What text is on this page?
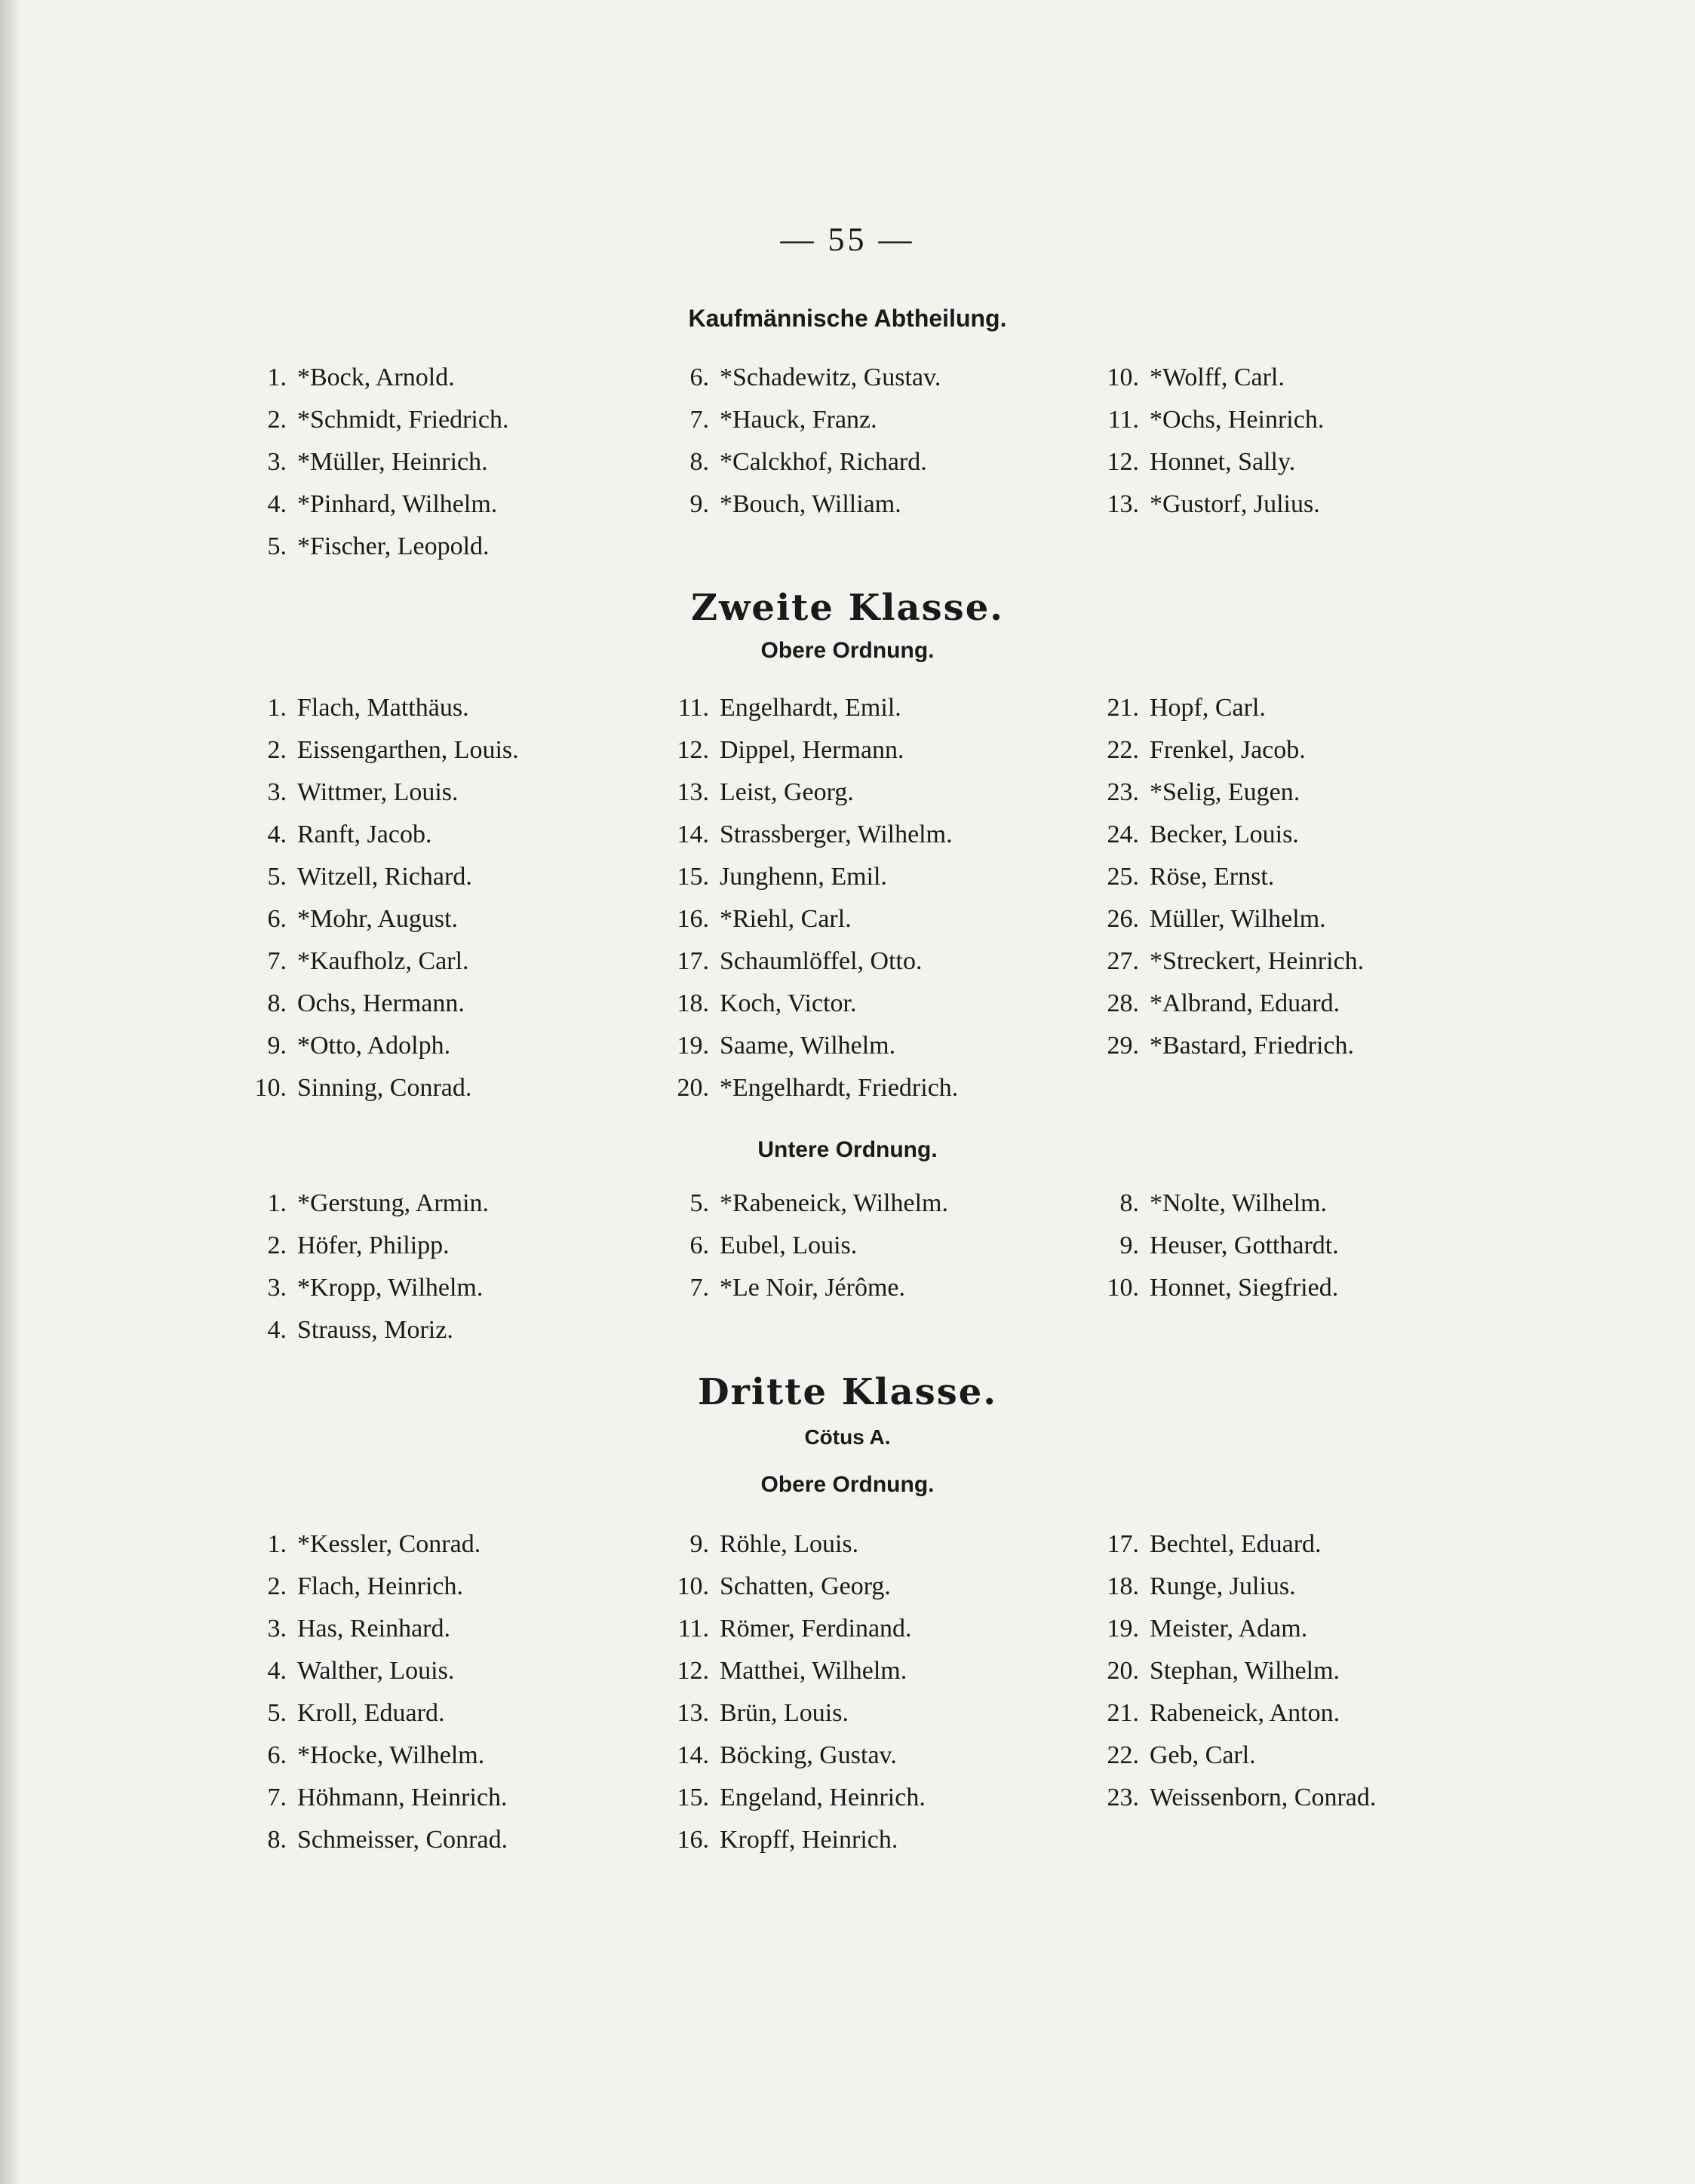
— 55 —
Kaufmännische Abtheilung.
1. *Bock, Arnold.
2. *Schmidt, Friedrich.
3. *Müller, Heinrich.
4. *Pinhard, Wilhelm.
5. *Fischer, Leopold.
6. *Schadewitz, Gustav.
7. *Hauck, Franz.
8. *Calckhof, Richard.
9. *Bouch, William.
10. *Wolff, Carl.
11. *Ochs, Heinrich.
12. Honnet, Sally.
13. *Gustorf, Julius.
Zweite Klasse.
Obere Ordnung.
1. Flach, Matthäus.
2. Eissengarthen, Louis.
3. Wittmer, Louis.
4. Ranft, Jacob.
5. Witzell, Richard.
6. *Mohr, August.
7. *Kaufholz, Carl.
8. Ochs, Hermann.
9. *Otto, Adolph.
10. Sinning, Conrad.
11. Engelhardt, Emil.
12. Dippel, Hermann.
13. Leist, Georg.
14. Strassberger, Wilhelm.
15. Junghenn, Emil.
16. *Riehl, Carl.
17. Schaumlöffel, Otto.
18. Koch, Victor.
19. Saame, Wilhelm.
20. *Engelhardt, Friedrich.
21. Hopf, Carl.
22. Frenkel, Jacob.
23. *Selig, Eugen.
24. Becker, Louis.
25. Röse, Ernst.
26. Müller, Wilhelm.
27. *Streckert, Heinrich.
28. *Albrand, Eduard.
29. *Bastard, Friedrich.
Untere Ordnung.
1. *Gerstung, Armin.
2. Höfer, Philipp.
3. *Kropp, Wilhelm.
4. Strauss, Moriz.
5. *Rabeneick, Wilhelm.
6. Eubel, Louis.
7. *Le Noir, Jérôme.
8. *Nolte, Wilhelm.
9. Heuser, Gotthardt.
10. Honnet, Siegfried.
Dritte Klasse.
Cötus A.
Obere Ordnung.
1. *Kessler, Conrad.
2. Flach, Heinrich.
3. Has, Reinhard.
4. Walther, Louis.
5. Kroll, Eduard.
6. *Hocke, Wilhelm.
7. Höhmann, Heinrich.
8. Schmeisser, Conrad.
9. Röhle, Louis.
10. Schatten, Georg.
11. Römer, Ferdinand.
12. Matthei, Wilhelm.
13. Brün, Louis.
14. Böcking, Gustav.
15. Engeland, Heinrich.
16. Kropff, Heinrich.
17. Bechtel, Eduard.
18. Runge, Julius.
19. Meister, Adam.
20. Stephan, Wilhelm.
21. Rabeneick, Anton.
22. Geb, Carl.
23. Weissenborn, Conrad.
